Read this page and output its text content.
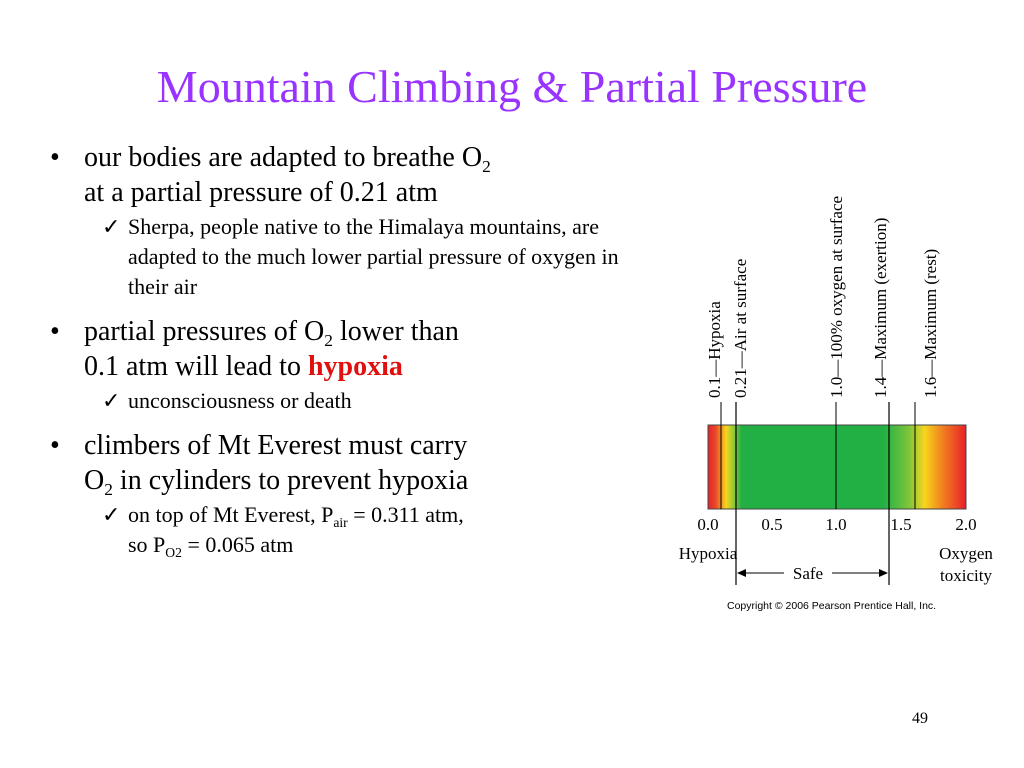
Mountain Climbing & Partial Pressure
• our bodies are adapted to breathe $O_2$
at a partial pressure of 0.21 atm
✓ Sherpa, people native to the Himalaya mountains, are adapted to the much lower partial pressure of oxygen in their air
• partial pressures of $O_2$ lower than
0.1 atm will lead to hypoxia
✓ unconsciousness or death
• climbers of Mt Everest must carry
$O_2$ in cylinders to prevent hypoxia
✓ on top of Mt Everest, $P_{air} = 0.311$ atm,
so $P_{O2} = 0.065$ atm
0.1—Hypoxia 0.21—Air at surface	1.0—100% oxygen at surface 1.4—Maximum (exertion) 1.6—Maximum (rest)
0.0	0.5	1.0	1.5	2.0
Hypoxia	Oxygen
toxicity
Safe
Copyright © 2006 Pearson Prentice Hall, Inc.
49
